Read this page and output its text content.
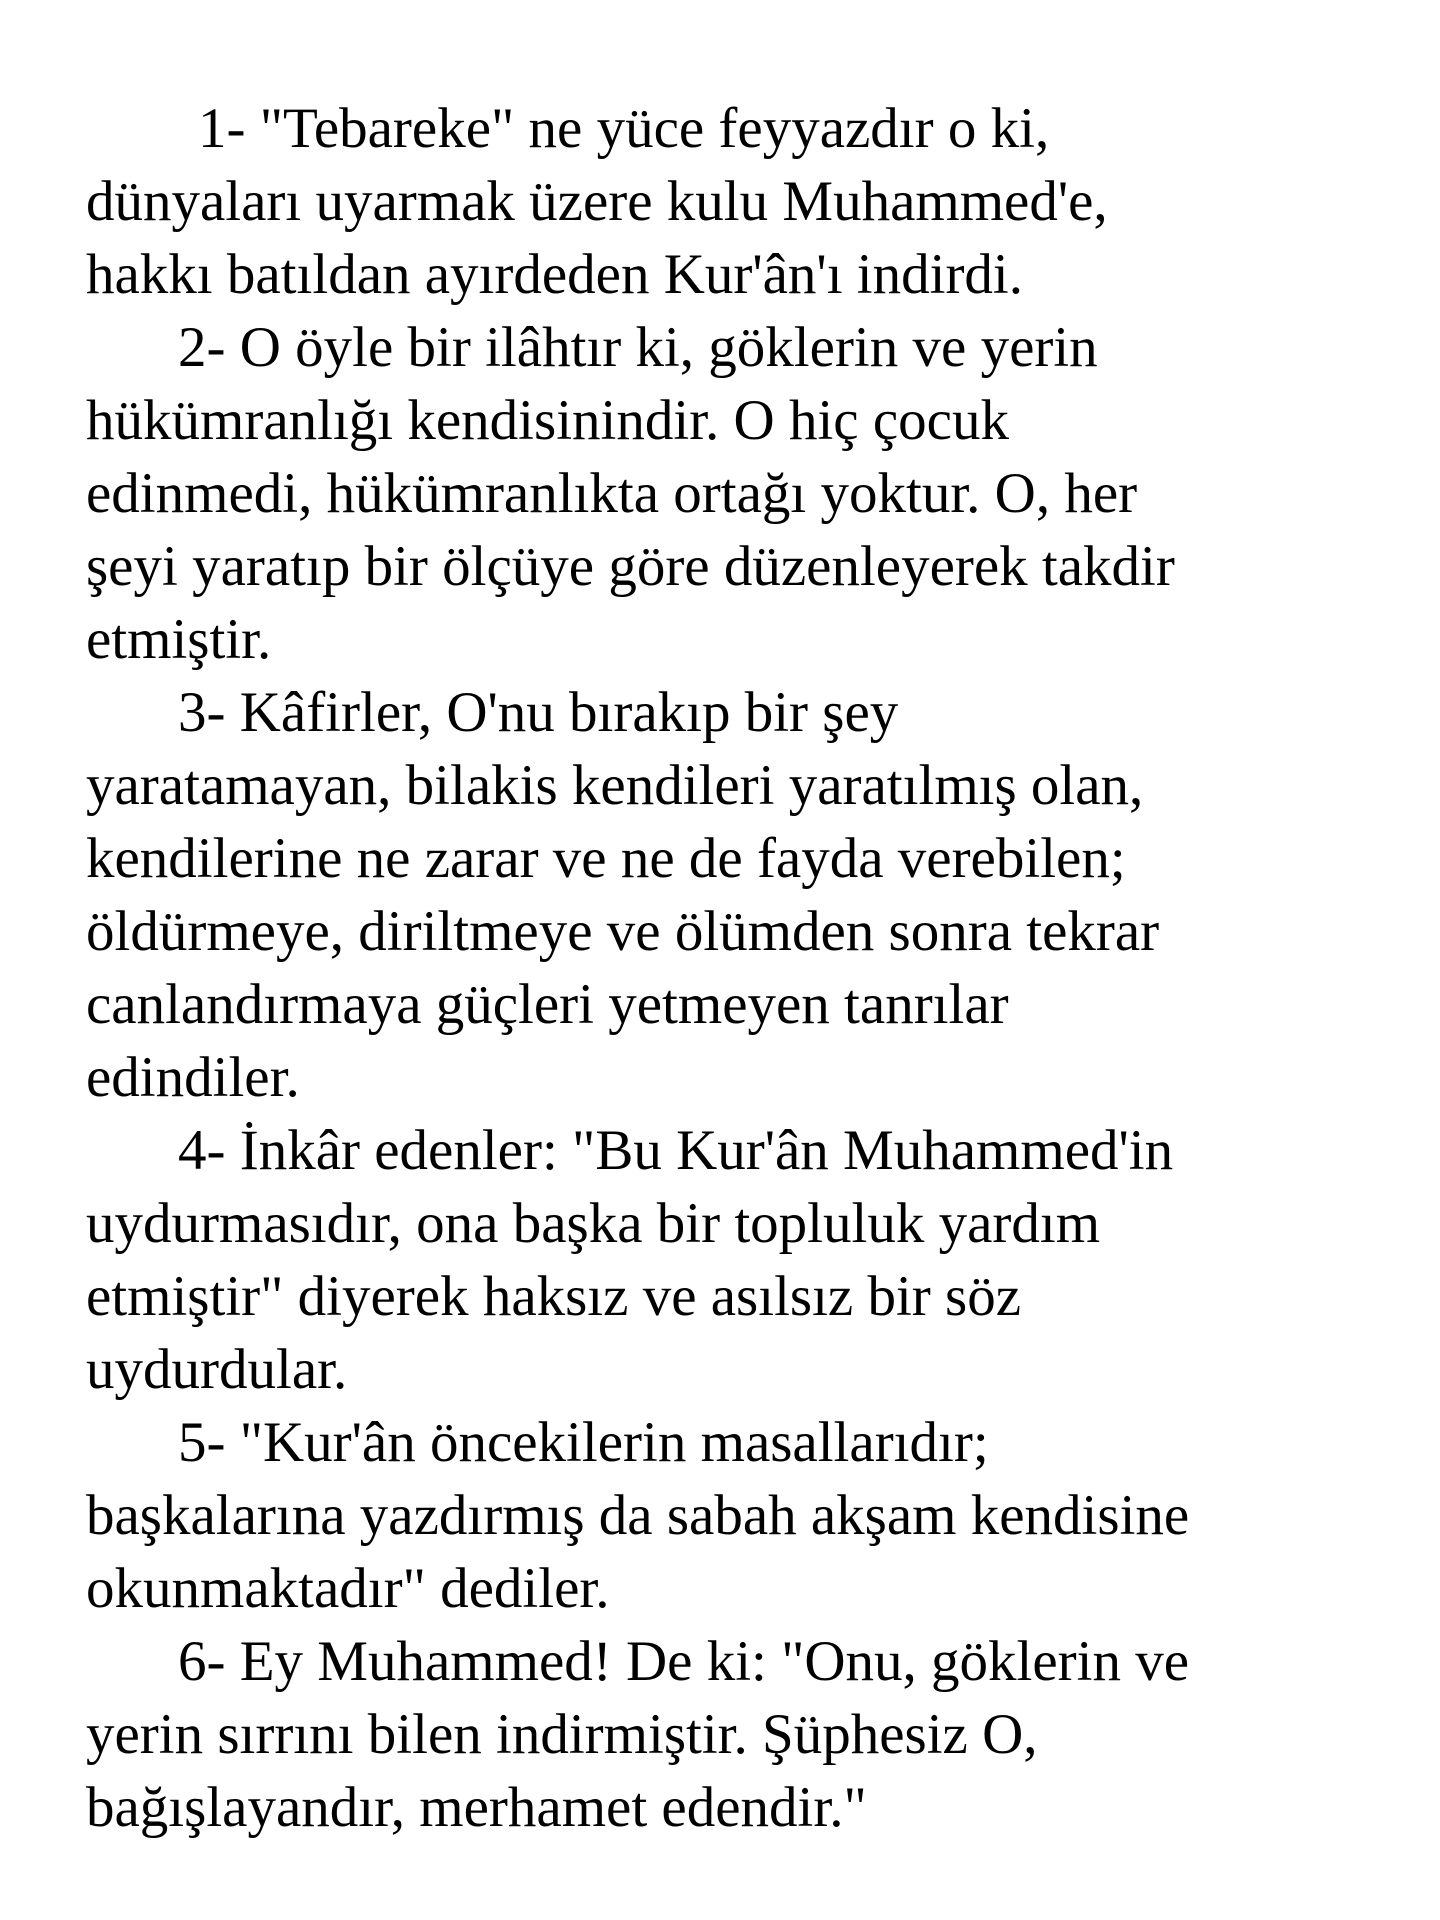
1- "Tebareke" ne yüce feyyazdır o ki,
dünyaları uyarmak üzere kulu Muhammed'e,
hakkı batıldan ayırdeden Kur'ân'ı indirdi.

2- O öyle bir ilâhtır ki, göklerin ve yerin
hükümranlığı kendisinindir. O hiç çocuk
edinmedi, hükümranlıkta ortağı yoktur. O, her
şeyi yaratıp bir ölçüye göre düzenleyerek takdir
etmiştir.

3- Kâfirler, O'nu bırakıp bir şey
yaratamayan, bilakis kendileri yaratılmış olan,
kendilerine ne zarar ve ne de fayda verebilen;
öldürmeye, diriltmeye ve ölümden sonra tekrar
canlandırmaya güçleri yetmeyen tanrılar
edindiler.

4- İnkâr edenler: "Bu Kur'ân Muhammed'in
uydurmasıdır, ona başka bir topluluk yardım
etmiştir" diyerek haksız ve asılsız bir söz
uydurdular.

5- "Kur'ân öncekilerin masallarıdır;
başkalarına yazdırmış da sabah akşam kendisine
okunmaktadır" dediler.

6- Ey Muhammed! De ki: "Onu, göklerin ve
yerin sırrını bilen indirmiştir. Şüphesiz O,
bağışlayandır, merhamet edendir."
